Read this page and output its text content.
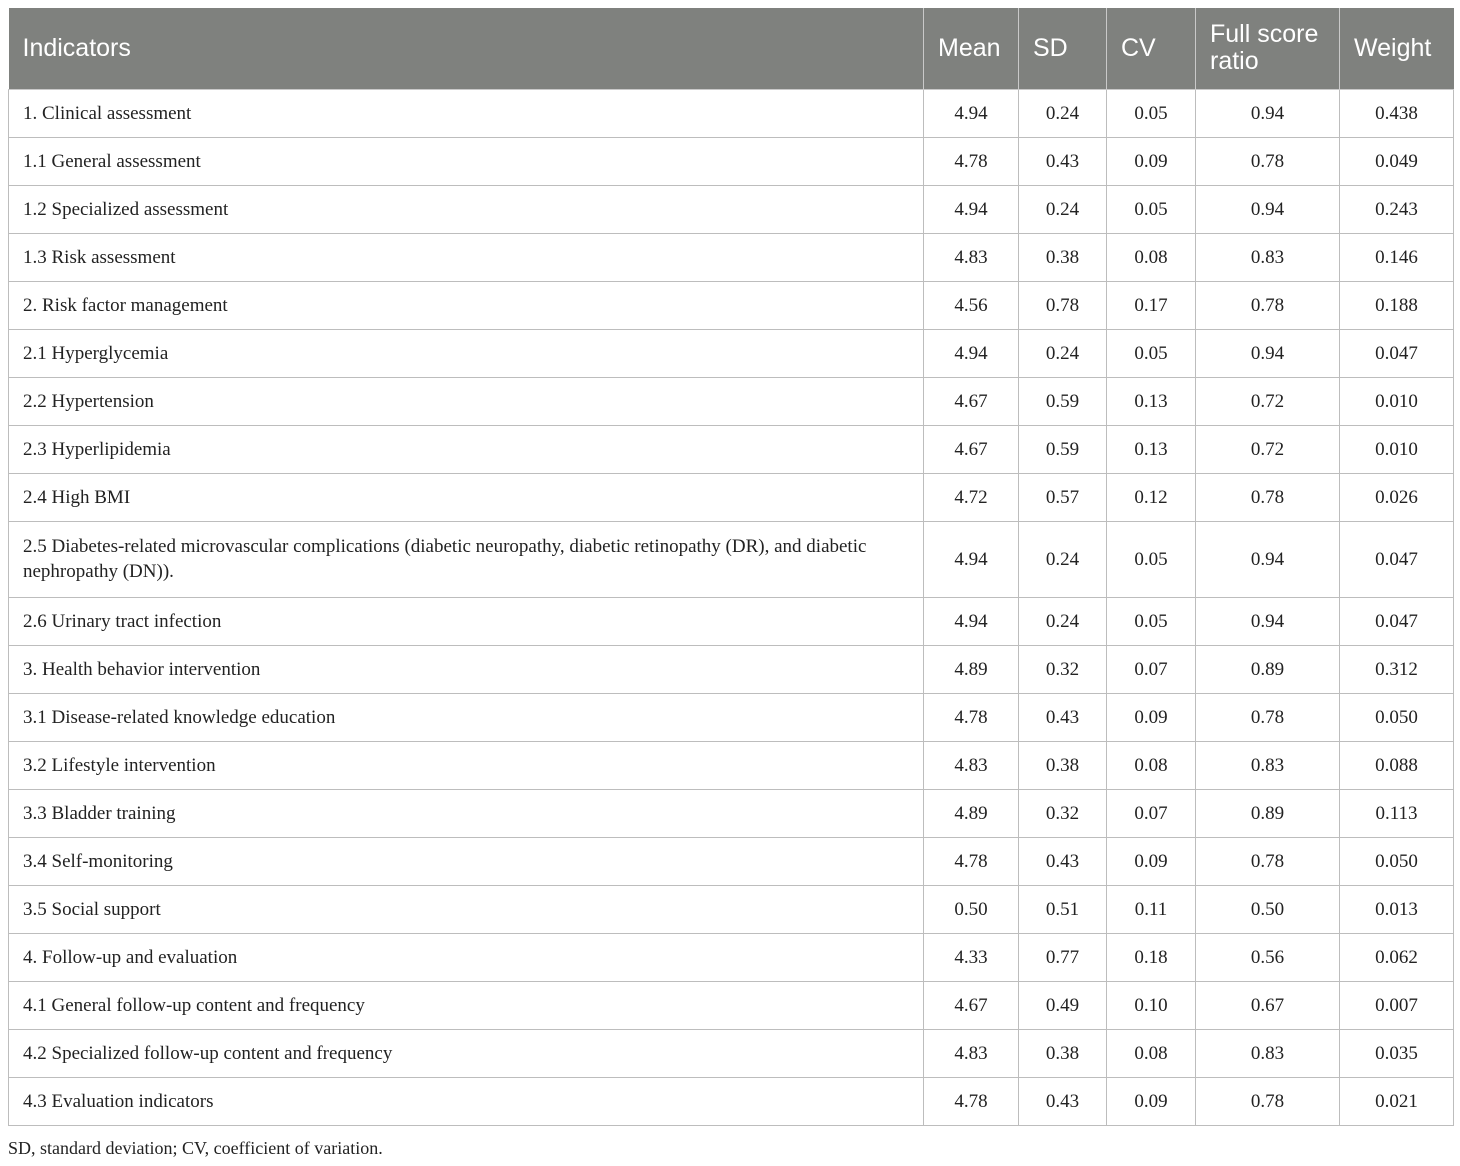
Indicators	Mean	SD	CV	Full score ratio	Weight
1. Clinical assessment	4.94	0.24	0.05	0.94	0.438
1.1 General assessment	4.78	0.43	0.09	0.78	0.049
1.2 Specialized assessment	4.94	0.24	0.05	0.94	0.243
1.3 Risk assessment	4.83	0.38	0.08	0.83	0.146
2. Risk factor management	4.56	0.78	0.17	0.78	0.188
2.1 Hyperglycemia	4.94	0.24	0.05	0.94	0.047
2.2 Hypertension	4.67	0.59	0.13	0.72	0.010
2.3 Hyperlipidemia	4.67	0.59	0.13	0.72	0.010
2.4 High BMI	4.72	0.57	0.12	0.78	0.026
2.5 Diabetes-related microvascular complications (diabetic neuropathy, diabetic retinopathy (DR), and diabetic nephropathy (DN)).	4.94	0.24	0.05	0.94	0.047
2.6 Urinary tract infection	4.94	0.24	0.05	0.94	0.047
3. Health behavior intervention	4.89	0.32	0.07	0.89	0.312
3.1 Disease-related knowledge education	4.78	0.43	0.09	0.78	0.050
3.2 Lifestyle intervention	4.83	0.38	0.08	0.83	0.088
3.3 Bladder training	4.89	0.32	0.07	0.89	0.113
3.4 Self-monitoring	4.78	0.43	0.09	0.78	0.050
3.5 Social support	0.50	0.51	0.11	0.50	0.013
4. Follow-up and evaluation	4.33	0.77	0.18	0.56	0.062
4.1 General follow-up content and frequency	4.67	0.49	0.10	0.67	0.007
4.2 Specialized follow-up content and frequency	4.83	0.38	0.08	0.83	0.035
4.3 Evaluation indicators	4.78	0.43	0.09	0.78	0.021
SD, standard deviation; CV, coefficient of variation.
